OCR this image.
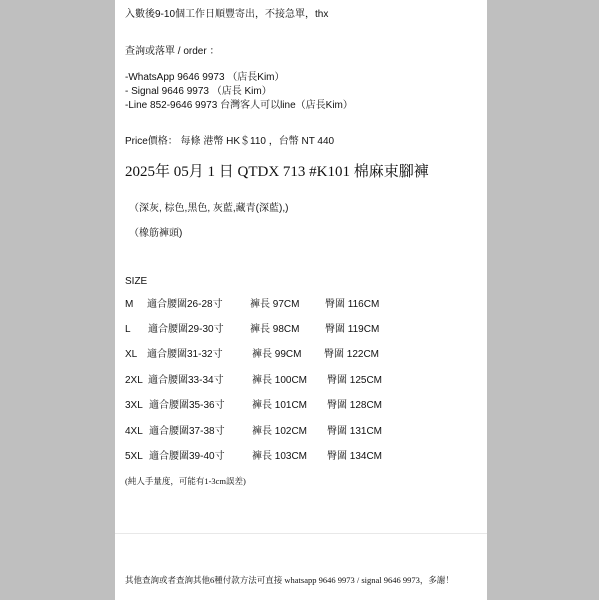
入數後9-10個工作日順豐寄出，不接急單，thx
查詢或落單 / order ：
-WhatsApp 9646 9973 （店長Kim）
- Signal 9646 9973 （店長 Kim）
-Line 852-9646 9973 台灣客人可以line（店長Kim）
Price價格： 每條 港幣 HK＄110 ，台幣 NT 440
2025年 05月 1 日 QTDX 713 #K101 棉麻束腳褲
（深灰, 棕色,黑色, 灰藍,藏青(深藍),)
（橡筋褲頭)
SIZE
M 適合腰圍26-28寸	褲長 97CM	臀圍 116CM
L 適合腰圍29-30寸	褲長 98CM	臀圍 119CM
XL 適合腰圍31-32寸	褲長 99CM 臀圍 122CM
2XL 適合腰圍33-34寸	褲長 100CM 臀圍 125CM
3XL 適合腰圍35-36寸	褲長 101CM 臀圍 128CM
4XL 適合腰圍37-38寸	褲長 102CM 臀圍 131CM
5XL 適合腰圍39-40寸	褲長 103CM 臀圍 134CM
(純人手量度，可能有1-3cm誤差)
其他查詢或者查詢其他6種付款方法可直接 whatsapp 9646 9973 / signal 9646 9973，多謝！
